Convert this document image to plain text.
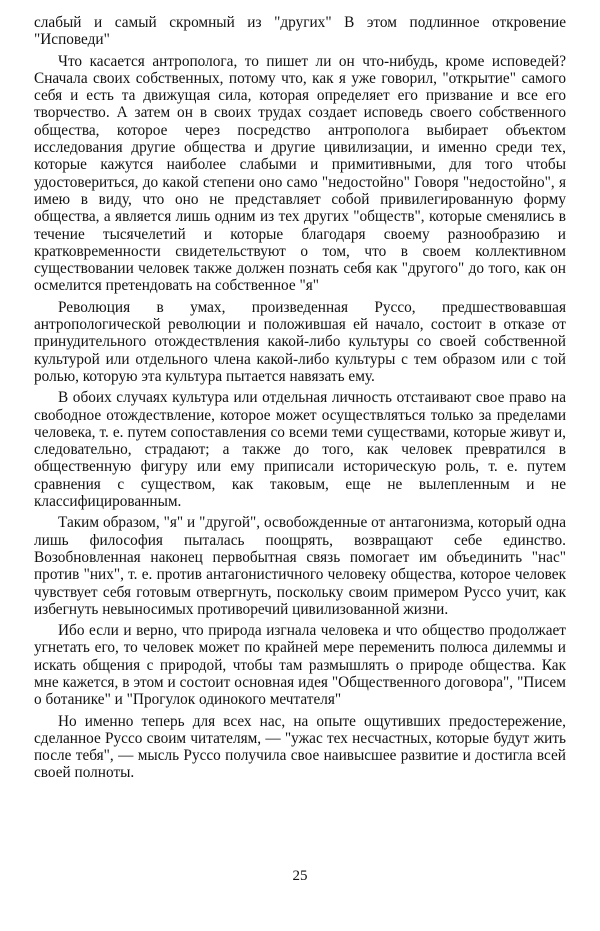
слабый и самый скромный из "других" В этом подлинное откровение "Исповеди"

Что касается антрополога, то пишет ли он что-нибудь, кроме исповедей? Сначала своих собственных, потому что, как я уже говорил, "открытие" самого себя и есть та движущая сила, которая определяет его призвание и все его творчество. А затем он в своих трудах создает исповедь своего собственного общества, которое через посредство антрополога выбирает объектом исследования другие общества и другие цивилизации, и именно среди тех, которые кажутся наиболее слабыми и примитивными, для того чтобы удостовериться, до какой степени оно само "недостойно" Говоря "недостойно", я имею в виду, что оно не представляет собой привилегированную форму общества, а является лишь одним из тех других "обществ", которые сменялись в течение тысячелетий и которые благодаря своему разнообразию и кратковременности свидетельствуют о том, что в своем коллективном существовании человек также должен познать себя как "другого" до того, как он осмелится претендовать на собственное "я"

Революция в умах, произведенная Руссо, предшествовавшая антропологической революции и положившая ей начало, состоит в отказе от принудительного отождествления какой-либо культуры со своей собственной культурой или отдельного члена какой-либо культуры с тем образом или с той ролью, которую эта культура пытается навязать ему.

В обоих случаях культура или отдельная личность отстаивают свое право на свободное отождествление, которое может осуществляться только за пределами человека, т. е. путем сопоставления со всеми теми существами, которые живут и, следовательно, страдают; а также до того, как человек превратился в общественную фигуру или ему приписали историческую роль, т. е. путем сравнения с существом, как таковым, еще не вылепленным и не классифицированным.

Таким образом, "я" и "другой", освобожденные от антагонизма, который одна лишь философия пыталась поощрять, возвращают себе единство. Возобновленная наконец первобытная связь помогает им объединить "нас" против "них", т. е. против антагонистичного человеку общества, которое человек чувствует себя готовым отвергнуть, поскольку своим примером Руссо учит, как избегнуть невыносимых противоречий цивилизованной жизни.

Ибо если и верно, что природа изгнала человека и что общество продолжает угнетать его, то человек может по крайней мере переменить полюса дилеммы и искать общения с природой, чтобы там размышлять о природе общества. Как мне кажется, в этом и состоит основная идея "Общественного договора", "Писем о ботанике" и "Прогулок одинокого мечтателя"

Но именно теперь для всех нас, на опыте ощутивших предостережение, сделанное Руссо своим читателям, — "ужас тех несчастных, которые будут жить после тебя", — мысль Руссо получила свое наивысшее развитие и достигла всей своей полноты.

25
